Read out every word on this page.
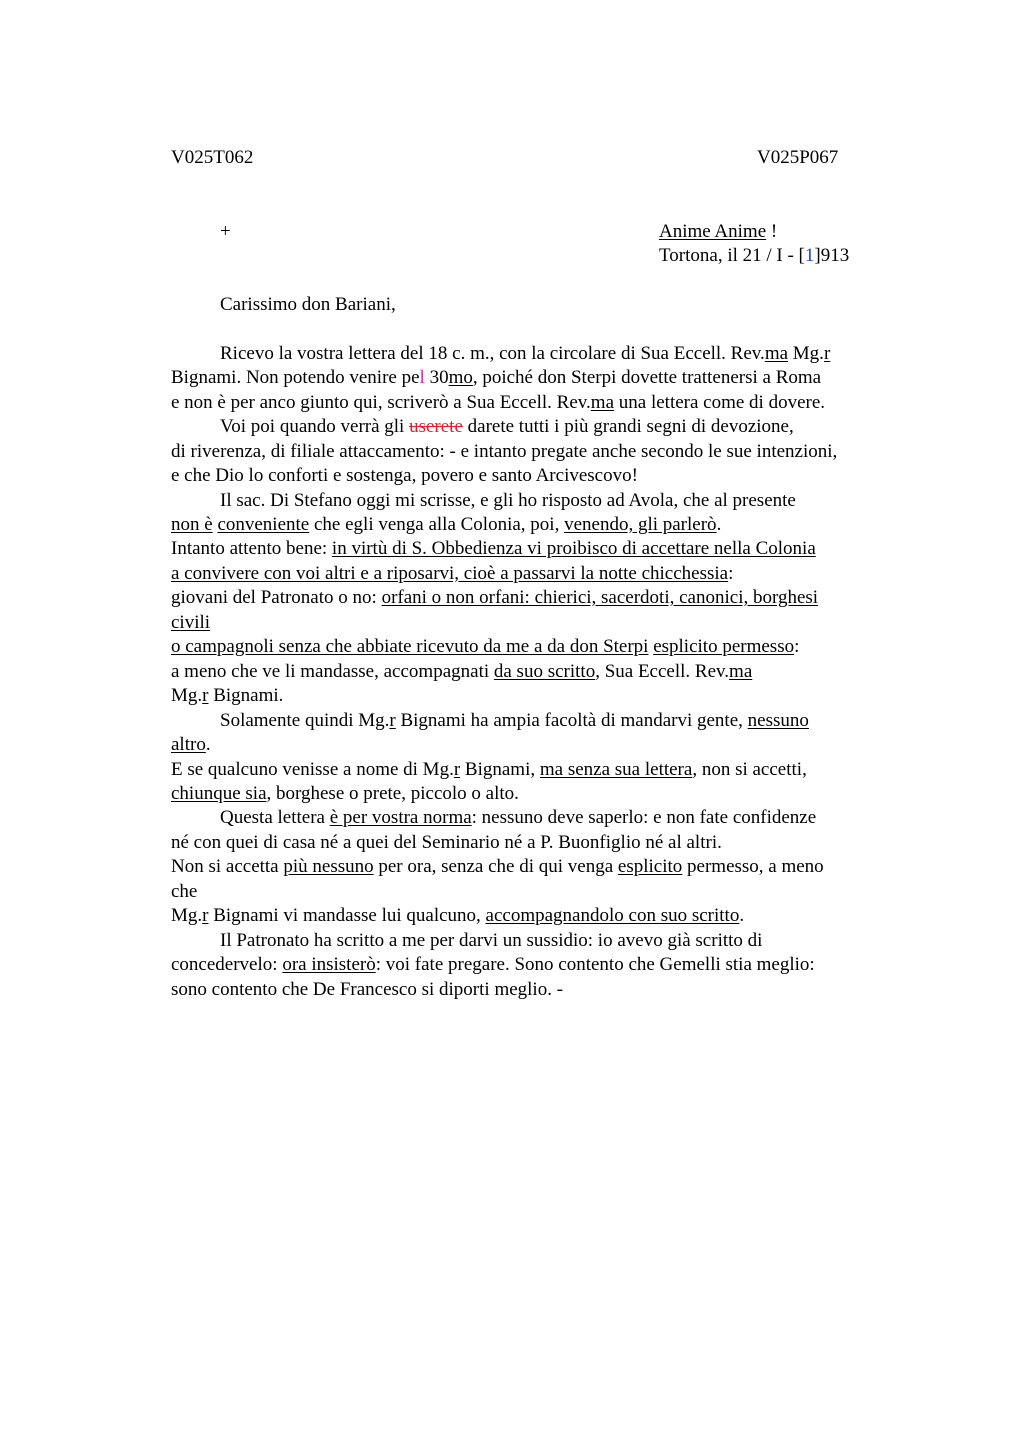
V025T062	V025P067
+	Anime Anime !
Tortona, il 21 / I - [1]913
Carissimo don Bariani,
Ricevo la vostra lettera del 18 c. m., con la circolare di Sua Eccell. Rev.ma Mg.r
Bignami. Non potendo venire pel 30mo, poiché don Sterpi dovette trattenersi a Roma
e non è per anco giunto qui, scriverò a Sua Eccell. Rev.ma una lettera come di dovere.
Voi poi quando verrà gli userete darete tutti i più grandi segni di devozione,
di riverenza, di filiale attaccamento: - e intanto pregate anche secondo le sue intenzioni,
e che Dio lo conforti e sostenga, povero e santo Arcivescovo!
Il sac. Di Stefano oggi mi scrisse, e gli ho risposto ad Avola, che al presente
non è conveniente che egli venga alla Colonia, poi, venendo, gli parlerò.
Intanto attento bene: in virtù di S. Obbedienza vi proibisco di accettare nella Colonia
a convivere con voi altri e a riposarvi, cioè a passarvi la notte chicchessia:
giovani del Patronato o no: orfani o non orfani: chierici, sacerdoti, canonici, borghesi
civili
o campagnoli senza che abbiate ricevuto da me a da don Sterpi esplicito permesso:
a meno che ve li mandasse, accompagnati da suo scritto, Sua Eccell. Rev.ma
Mg.r Bignami.
Solamente quindi Mg.r Bignami ha ampia facoltà di mandarvi gente, nessuno
altro.
E se qualcuno venisse a nome di Mg.r Bignami, ma senza sua lettera, non si accetti,
chiunque sia, borghese o prete, piccolo o alto.
Questa lettera è per vostra norma: nessuno deve saperlo: e non fate confidenze
né con quei di casa né a quei del Seminario né a P. Buonfiglio né al altri.
Non si accetta più nessuno per ora, senza che di qui venga esplicito permesso, a meno
che
Mg.r Bignami vi mandasse lui qualcuno, accompagnandolo con suo scritto.
Il Patronato ha scritto a me per darvi un sussidio: io avevo già scritto di
concedervelo: ora insisterò: voi fate pregare. Sono contento che Gemelli stia meglio:
sono contento che De Francesco si diporti meglio. -
